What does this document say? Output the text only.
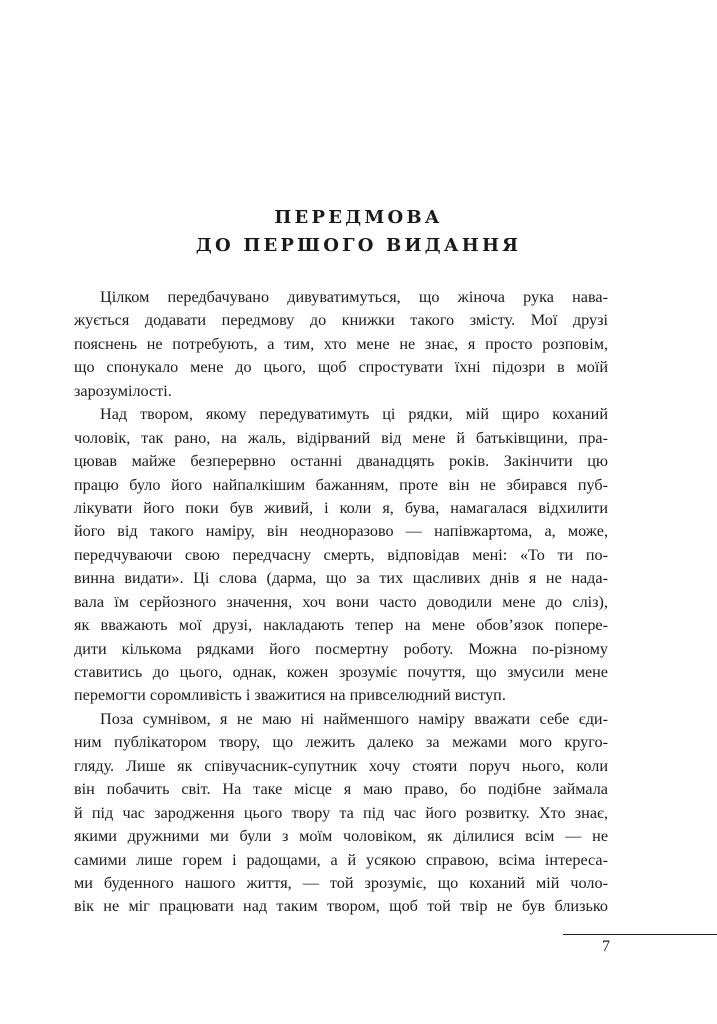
ПЕРЕДМОВА
ДО ПЕРШОГО ВИДАННЯ
Цілком передбачувано дивуватимуться, що жіноча рука нава-
жується додавати передмову до книжки такого змісту. Мої друзі
пояснень не потребують, а тим, хто мене не знає, я просто розповім,
що спонукало мене до цього, щоб спростувати їхні підозри в моїй
зарозумілості.
Над твором, якому передуватимуть ці рядки, мій щиро коханий
чоловік, так рано, на жаль, відірваний від мене й батьківщини, пра-
цював майже безперервно останні дванадцять років. Закінчити цю
працю було його найпалкішим бажанням, проте він не збирався пуб-
лікувати його поки був живий, і коли я, бува, намагалася відхилити
його від такого наміру, він неодноразово — напівжартома, а, може,
передчуваючи свою передчасну смерть, відповідав мені: «То ти по-
винна видати». Ці слова (дарма, що за тих щасливих днів я не нада-
вала їм серйозного значення, хоч вони часто доводили мене до сліз),
як вважають мої друзі, накладають тепер на мене обов’язок попере-
дити кількома рядками його посмертну роботу. Можна по-різному
ставитись до цього, однак, кожен зрозуміє почуття, що змусили мене
перемогти соромливість і зважитися на привселюдний виступ.
Поза сумнівом, я не маю ні найменшого наміру вважати себе єди-
ним публікатором твору, що лежить далеко за межами мого круго-
гляду. Лише як співучасник-супутник хочу стояти поруч нього, коли
він побачить світ. На таке місце я маю право, бо подібне займала
й під час зародження цього твору та під час його розвитку. Хто знає,
якими дружними ми були з моїм чоловіком, як ділилися всім — не
самими лише горем і радощами, а й усякою справою, всіма інтереса-
ми буденного нашого життя, — той зрозуміє, що коханий мій чоло-
вік не міг працювати над таким твором, щоб той твір не був близько
7
